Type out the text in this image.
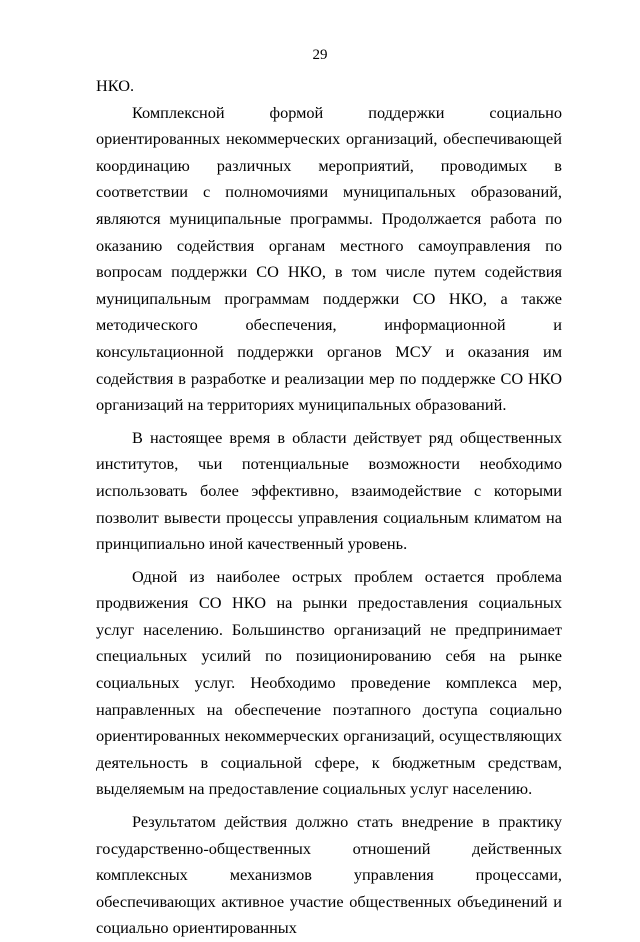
29

НКО.

Комплексной формой поддержки социально ориентированных некоммерческих организаций, обеспечивающей координацию различных мероприятий, проводимых в соответствии с полномочиями муниципальных образований, являются муниципальные программы. Продолжается работа по оказанию содействия органам местного самоуправления по вопросам поддержки СО НКО, в том числе путем содействия муниципальным программам поддержки СО НКО, а также методического обеспечения, информационной и консультационной поддержки органов МСУ и оказания им содействия в разработке и реализации мер по поддержке СО НКО организаций на территориях муниципальных образований.

В настоящее время в области действует ряд общественных институтов, чьи потенциальные возможности необходимо использовать более эффективно, взаимодействие с которыми позволит вывести процессы управления социальным климатом на принципиально иной качественный уровень.

Одной из наиболее острых проблем остается проблема продвижения СО НКО на рынки предоставления социальных услуг населению. Большинство организаций не предпринимает специальных усилий по позиционированию себя на рынке социальных услуг. Необходимо проведение комплекса мер, направленных на обеспечение поэтапного доступа социально ориентированных некоммерческих организаций, осуществляющих деятельность в социальной сфере, к бюджетным средствам, выделяемым на предоставление социальных услуг населению.

Результатом действия должно стать внедрение в практику государственно-общественных отношений действенных комплексных механизмов управления процессами, обеспечивающих активное участие общественных объединений и социально ориентированных
